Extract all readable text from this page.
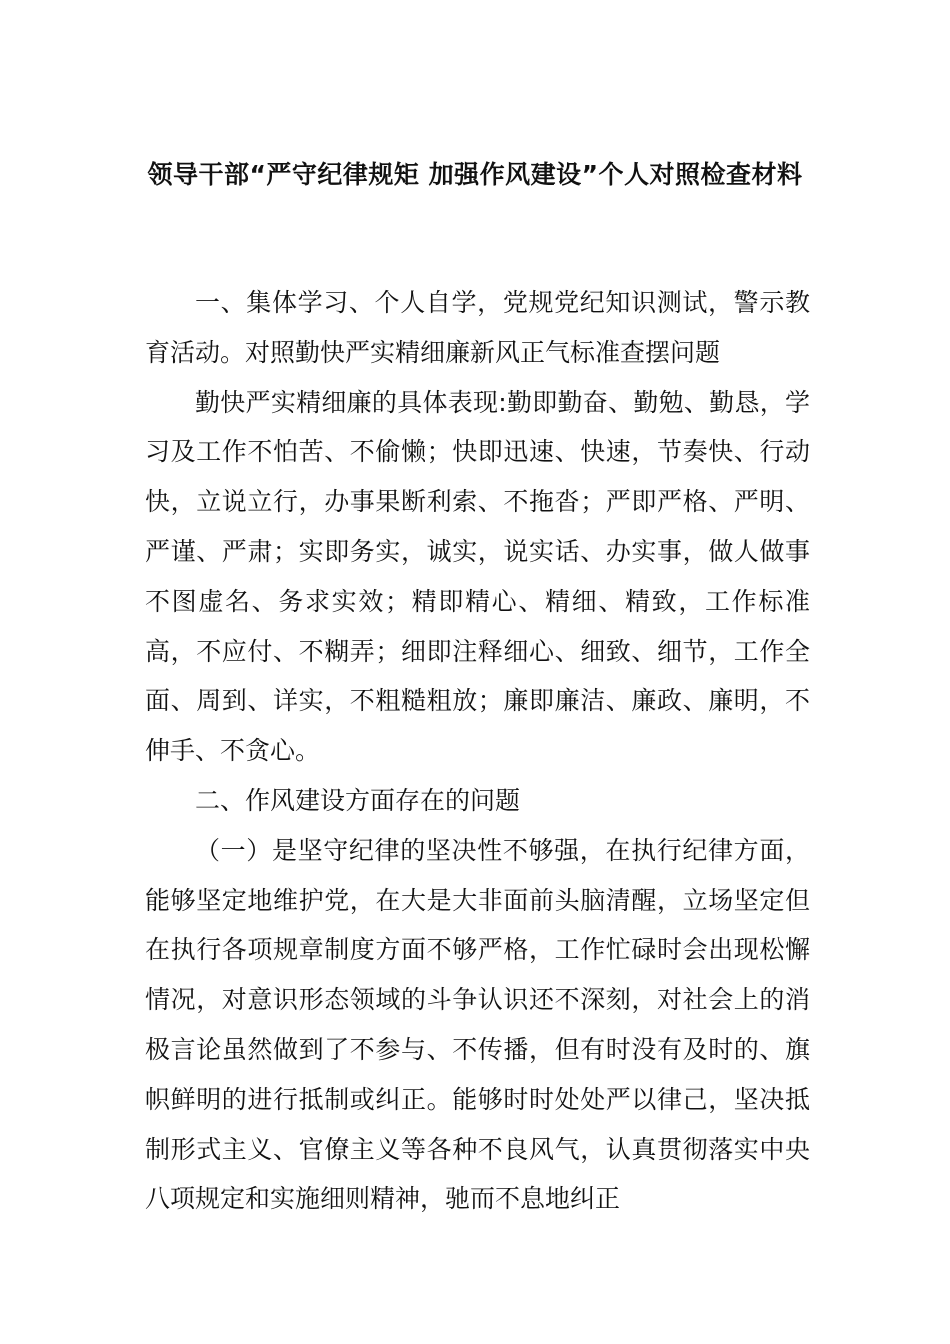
领导干部“严守纪律规矩 加强作风建设”个人对照检查材料

一、集体学习、个人自学，党规党纪知识测试，警示教育活动。对照勤快严实精细廉新风正气标准查摆问题

勤快严实精细廉的具体表现:勤即勤奋、勤勉、勤恳，学习及工作不怕苦、不偷懒；快即迅速、快速，节奏快、行动快，立说立行，办事果断利索、不拖沓；严即严格、严明、严谨、严肃；实即务实，诚实，说实话、办实事，做人做事不图虚名、务求实效；精即精心、精细、精致，工作标准高，不应付、不糊弄；细即注释细心、细致、细节，工作全面、周到、详实，不粗糙粗放；廉即廉洁、廉政、廉明，不伸手、不贪心。

二、作风建设方面存在的问题

（一）是坚守纪律的坚决性不够强，在执行纪律方面，能够坚定地维护党，在大是大非面前头脑清醒，立场坚定但在执行各项规章制度方面不够严格，工作忙碌时会出现松懈情况，对意识形态领域的斗争认识还不深刻，对社会上的消极言论虽然做到了不参与、不传播，但有时没有及时的、旗帜鲜明的进行抵制或纠正。能够时时处处严以律己，坚决抵制形式主义、官僚主义等各种不良风气，认真贯彻落实中央八项规定和实施细则精神，驰而不息地纠正
